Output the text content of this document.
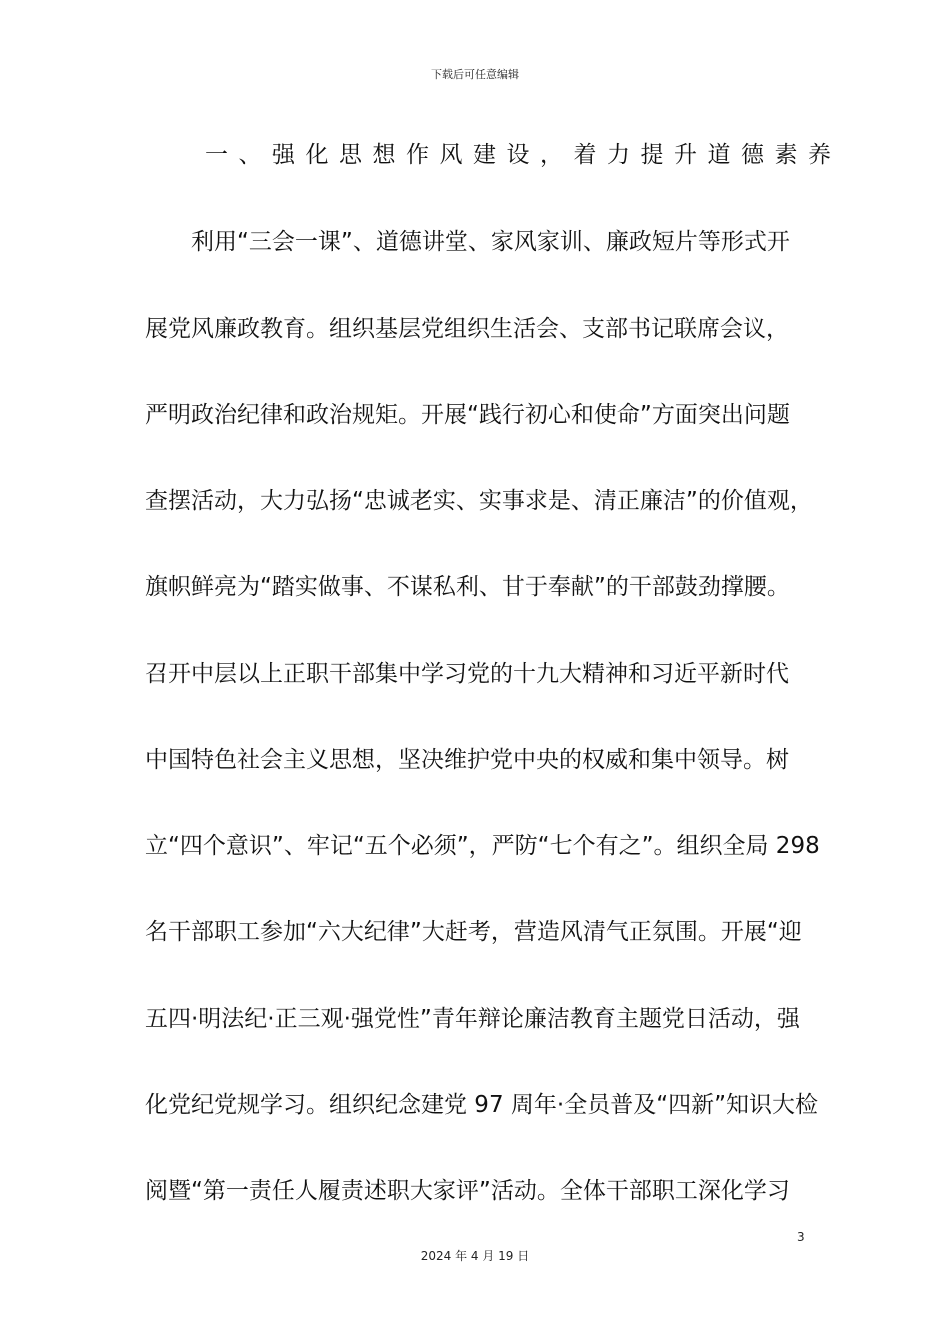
下载后可任意编辑
一、强化思想作风建设，着力提升道德素养
利用“三会一课”、道德讲堂、家风家训、廉政短片等形式开
展党风廉政教育。组织基层党组织生活会、支部书记联席会议，
严明政治纪律和政治规矩。开展“践行初心和使命”方面突出问题
查摆活动，大力弘扬“忠诚老实、实事求是、清正廉洁”的价值观，
旗帜鲜亮为“踏实做事、不谋私利、甘于奉献”的干部鼓劲撑腰。
召开中层以上正职干部集中学习党的十九大精神和习近平新时代
中国特色社会主义思想，坚决维护党中央的权威和集中领导。树
立“四个意识”、牢记“五个必须”，严防“七个有之”。组织全局 298
名干部职工参加“六大纪律”大赶考，营造风清气正氛围。开展“迎
五四·明法纪·正三观·强党性”青年辩论廉洁教育主题党日活动，强
化党纪党规学习。组织纪念建党 97 周年·全员普及“四新”知识大检
阅暨“第一责任人履责述职大家评”活动。全体干部职工深化学习
3
2024 年 4 月 19 日
